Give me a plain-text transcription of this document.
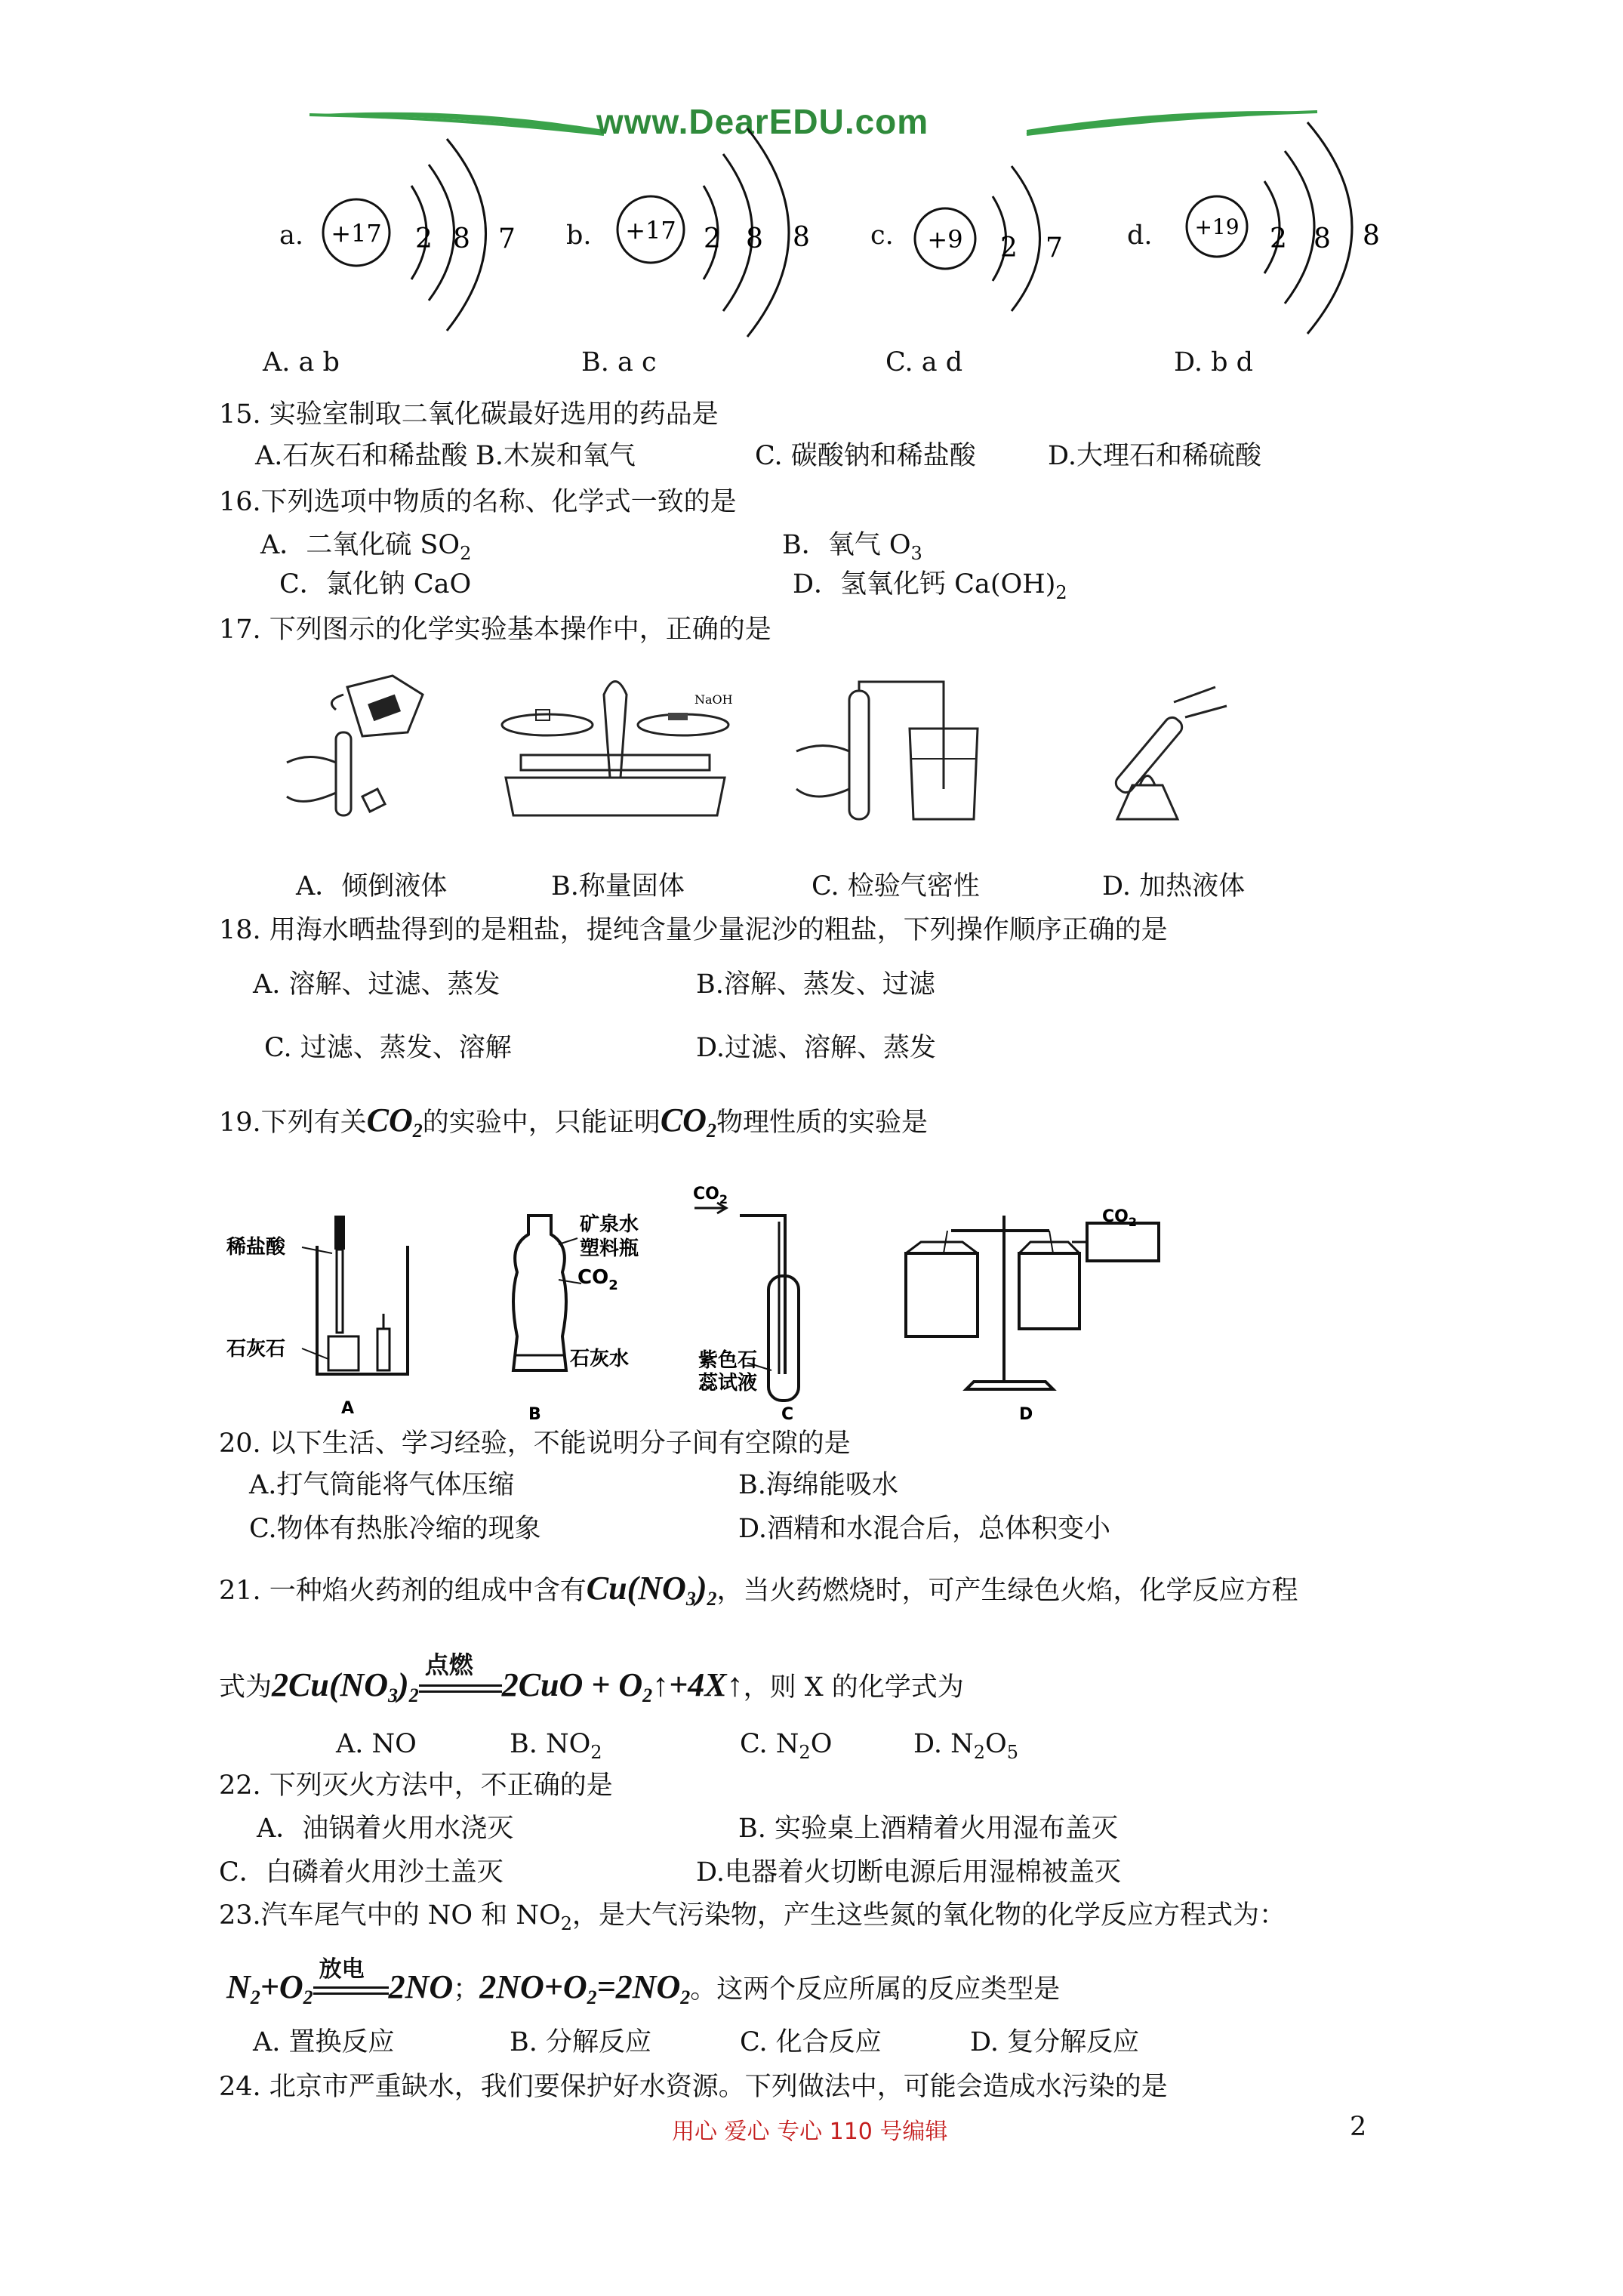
www.DearEDU.com
a. +17 2 8 7 b. +17 2 8 8 c. +9 2 7 d. +19 2 8 8
A. a b	B. a c	C. a d	D. b d
15. 实验室制取二氧化碳最好选用的药品是
A.石灰石和稀盐酸 B.木炭和氧气	C. 碳酸钠和稀盐酸	D.大理石和稀硫酸
16.下列选项中物质的名称、化学式一致的是
A．二氧化硫 $SO_2$	B．氧气 $O_3$
C．氯化钠 CaO	D．氢氧化钙 $Ca(OH)_2$
17. 下列图示的化学实验基本操作中，正确的是
NaOH
A．倾倒液体	B.称量固体	C. 检验气密性	D. 加热液体
18. 用海水晒盐得到的是粗盐，提纯含量少量泥沙的粗盐，下列操作顺序正确的是
A. 溶解、过滤、蒸发	B.溶解、蒸发、过滤
C. 过滤、蒸发、溶解	D.过滤、溶解、蒸发
19.下列有关$CO_2$的实验中，只能证明$CO_2$物理性质的实验是
稀盐酸
石灰石
A
矿泉水
塑料瓶
$CO_2$
石灰水
B
$CO_2$
紫色石
蕊试液
C
$CO_2$
D
20. 以下生活、学习经验，不能说明分子间有空隙的是
A.打气筒能将气体压缩	B.海绵能吸水
C.物体有热胀冷缩的现象	D.酒精和水混合后，总体积变小
21. 一种焰火药剂的组成中含有$Cu(NO_3)_2$，当火药燃烧时，可产生绿色火焰，化学反应方程
式为$2Cu(NO_3)_2$
点燃
$2CuO + O_2↑+4X↑$，则 X 的化学式为
A. NO	B. $NO_2$	C. $N_2O$	D. $N_2O_5$
22. 下列灭火方法中，不正确的是
A．油锅着火用水浇灭	B. 实验桌上酒精着火用湿布盖灭
C．白磷着火用沙土盖灭	D.电器着火切断电源后用湿棉被盖灭
23.汽车尾气中的 NO 和 $NO_2$，是大气污染物，产生这些氮的氧化物的化学反应方程式为：
$N_2+O_2$
放电 2NO；$2NO+O_2=2NO_2$。这两个反应所属的反应类型是
A. 置换反应	B. 分解反应	C. 化合反应	D. 复分解反应
24. 北京市严重缺水，我们要保护好水资源。下列做法中，可能会造成水污染的是
用心 爱心 专心 110 号编辑	2
